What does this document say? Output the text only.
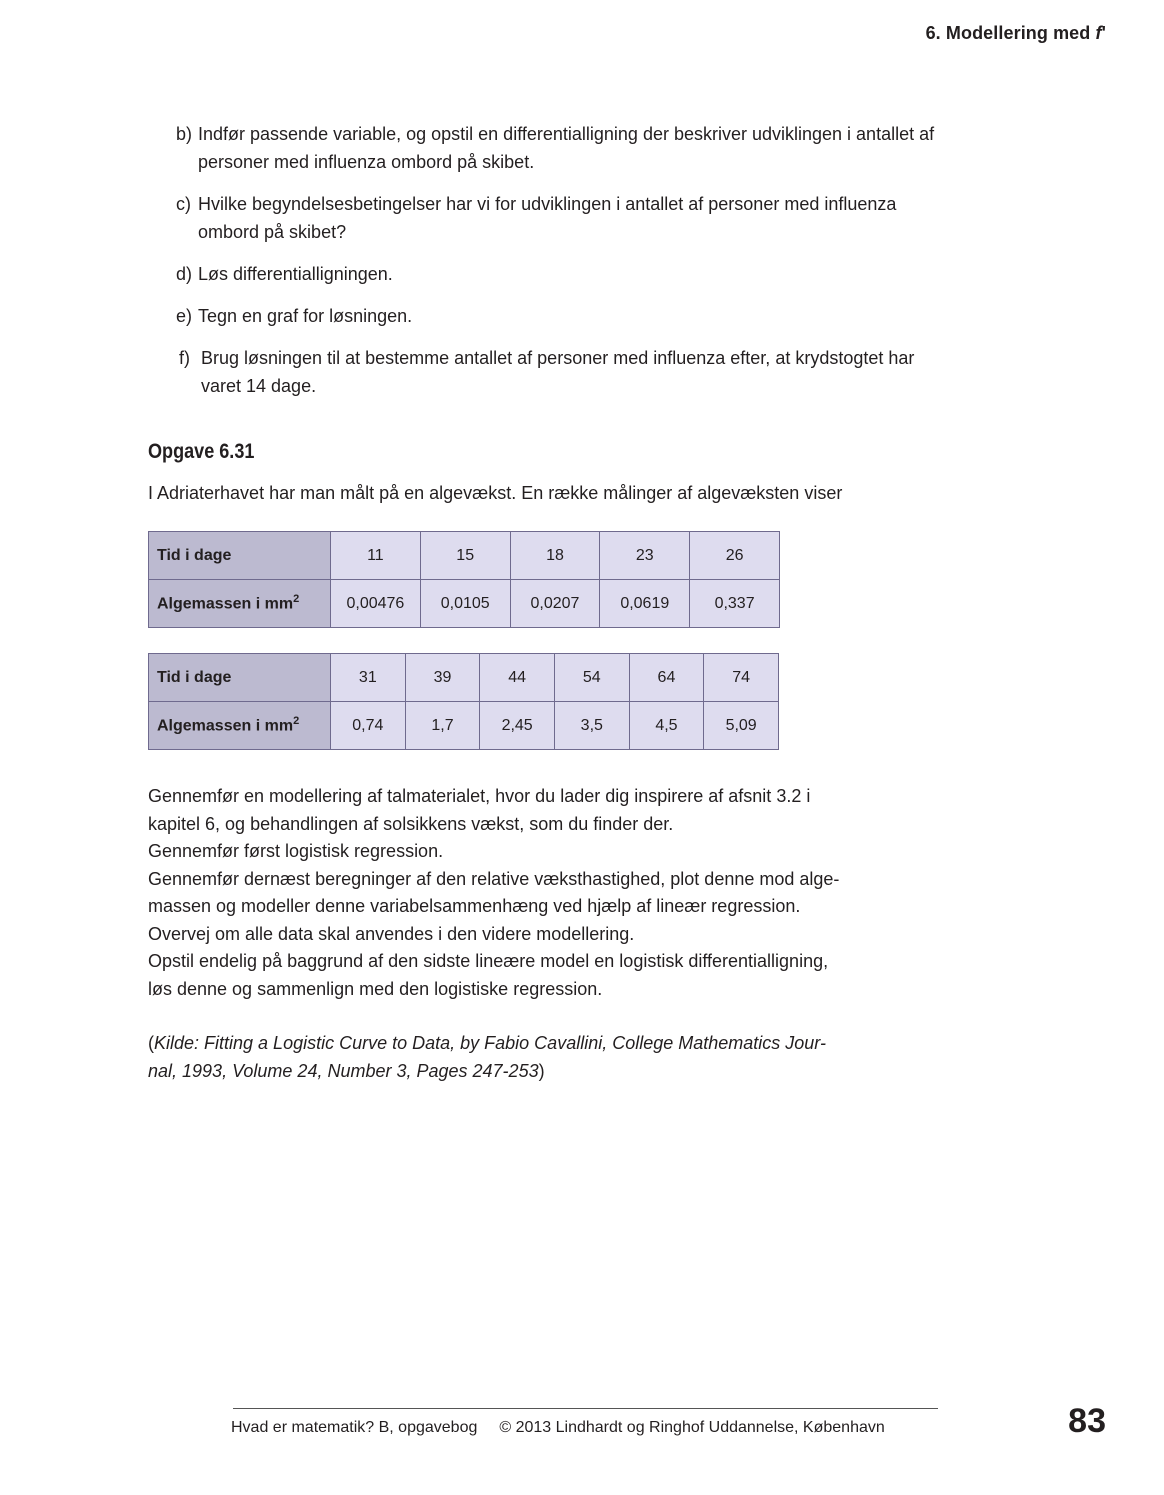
6. Modellering med f'
b) Indfør passende variable, og opstil en differentialligning der beskriver udviklingen i antallet af personer med influenza ombord på skibet.
c) Hvilke begyndelsesbetingelser har vi for udviklingen i antallet af personer med influenza ombord på skibet?
d) Løs differentialligningen.
e) Tegn en graf for løsningen.
f) Brug løsningen til at bestemme antallet af personer med influenza efter, at krydstogtet har varet 14 dage.
Opgave 6.31
I Adriaterhavet har man målt på en algevækst. En række målinger af algevæksten viser
Tid i dage	11	15	18	23	26
Algemassen i $mm^2$	0,00476	0,0105	0,0207	0,0619	0,337
Tid i dage	31	39	44	54	64	74
Algemassen i $mm^2$	0,74	1,7	2,45	3,5	4,5	5,09
Gennemfør en modellering af talmaterialet, hvor du lader dig inspirere af afsnit 3.2 i
kapitel 6, og behandlingen af solsikkens vækst, som du finder der.
Gennemfør først logistisk regression.
Gennemfør dernæst beregninger af den relative væksthastighed, plot denne mod alge-
massen og modeller denne variabelsammenhæng ved hjælp af lineær regression.
Overvej om alle data skal anvendes i den videre modellering.
Opstil endelig på baggrund af den sidste lineære model en logistisk differentialligning,
løs denne og sammenlign med den logistiske regression.
(Kilde: Fitting a Logistic Curve to Data, by Fabio Cavallini, College Mathematics Jour-
nal, 1993, Volume 24, Number 3, Pages 247-253)
Hvad er matematik? B, opgavebog © 2013 Lindhardt og Ringhof Uddannelse, København	83
